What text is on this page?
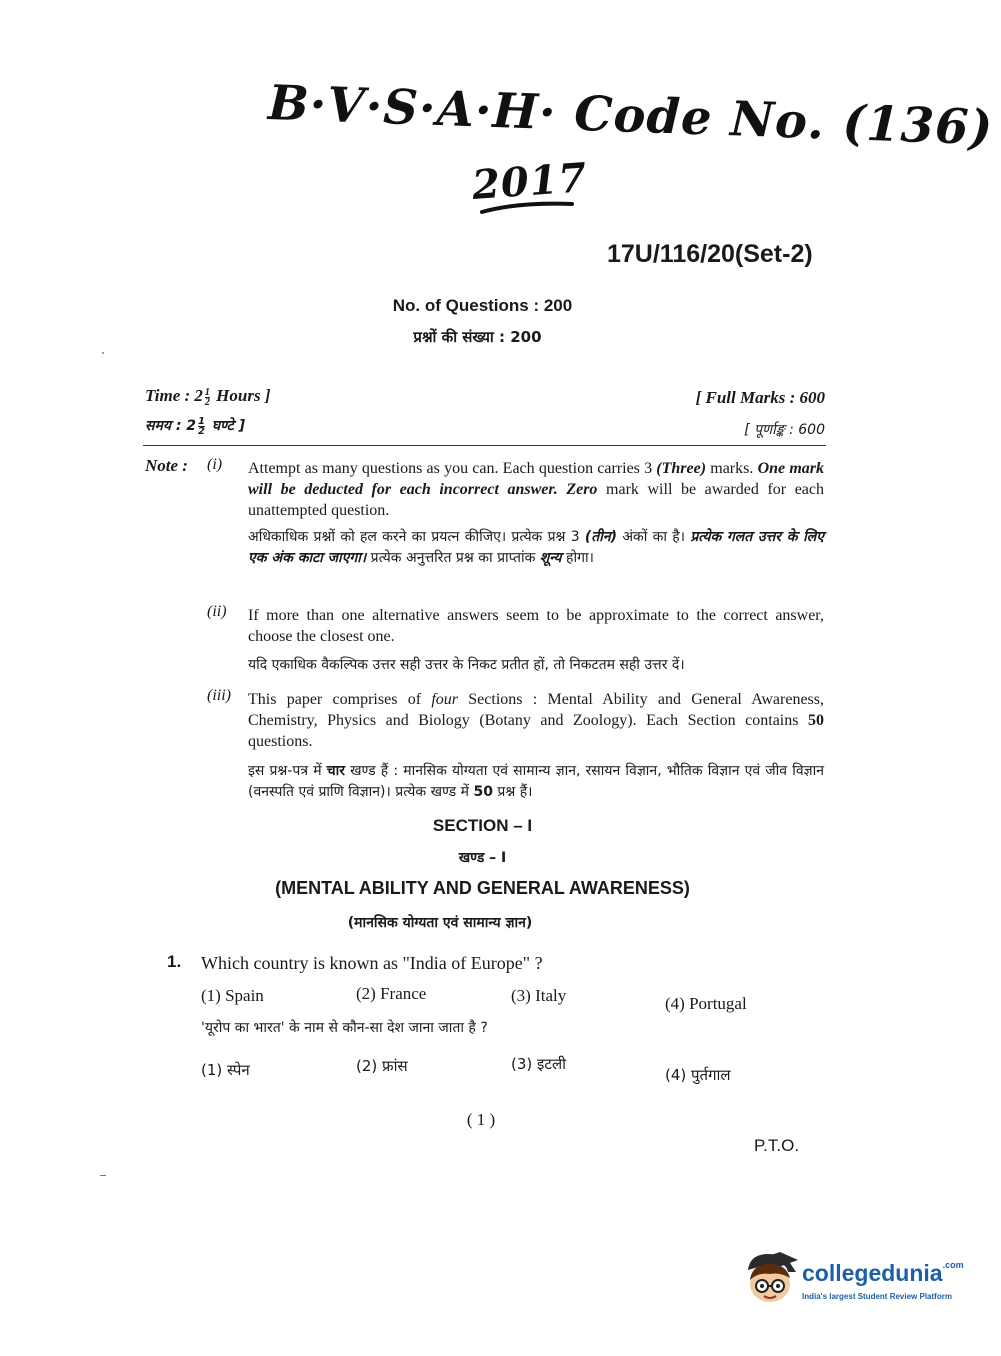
B·V·S·A·H· Code No. (136)
2017
17U/116/20(Set-2)
No. of Questions : 200
प्रश्नों की संख्या : 200
Time : $2 \frac{1}{2}$ Hours ]
समय : $2 \frac{1}{2}$ घण्टे ]
[ Full Marks : 600
[ पूर्णाङ्क : 600
Note : (i) Attempt as many questions as you can. Each question carries 3 (Three) marks. One mark will be deducted for each incorrect answer. Zero mark will be awarded for each unattempted question.
अधिकाधिक प्रश्नों को हल करने का प्रयत्न कीजिए। प्रत्येक प्रश्न 3 (तीन) अंकों का है। प्रत्येक गलत उत्तर के लिए एक अंक काटा जाएगा। प्रत्येक अनुत्तरित प्रश्न का प्राप्तांक शून्य होगा।
(ii) If more than one alternative answers seem to be approximate to the correct answer, choose the closest one.
यदि एकाधिक वैकल्पिक उत्तर सही उत्तर के निकट प्रतीत हों, तो निकटतम सही उत्तर दें।
(iii) This paper comprises of four Sections : Mental Ability and General Awareness, Chemistry, Physics and Biology (Botany and Zoology). Each Section contains 50 questions.
इस प्रश्न-पत्र में चार खण्ड हैं : मानसिक योग्यता एवं सामान्य ज्ञान, रसायन विज्ञान, भौतिक विज्ञान एवं जीव विज्ञान (वनस्पति एवं प्राणि विज्ञान)। प्रत्येक खण्ड में 50 प्रश्न हैं।
SECTION – I
खण्ड – I
(MENTAL ABILITY AND GENERAL AWARENESS)
(मानसिक योग्यता एवं सामान्य ज्ञान)
1. Which country is known as "India of Europe" ?
(1) Spain	(2) France	(3) Italy	(4) Portugal
'यूरोप का भारत' के नाम से कौन-सा देश जाना जाता है ?
(1) स्पेन	(2) फ्रांस	(3) इटली
(4) पुर्तगाल
( 1 )
P.T.O.
collegedunia$^{.com}$
India's largest Student Review Platform
